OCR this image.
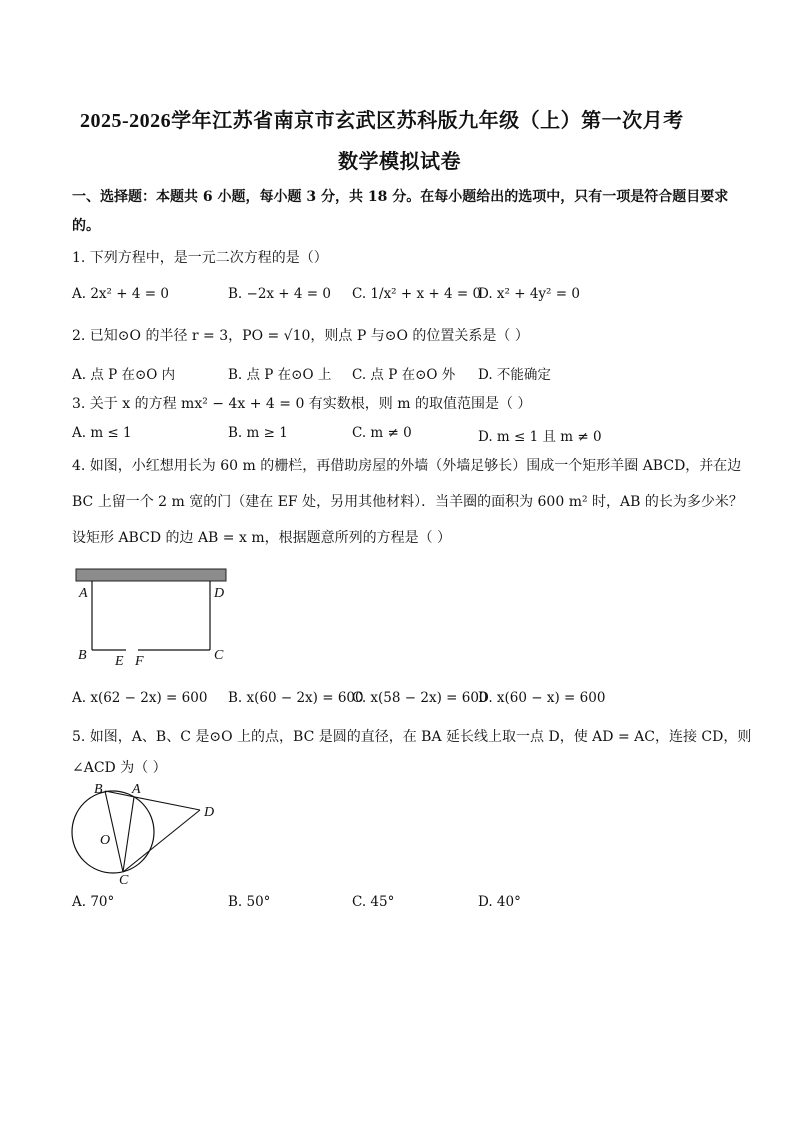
2025-2026学年江苏省南京市玄武区苏科版九年级（上）第一次月考
数学模拟试卷
一、选择题：本题共 6 小题，每小题 3 分，共 18 分。在每小题给出的选项中，只有一项是符合题目要求
的。
1. 下列方程中，是一元二次方程的是（）
A. 2x² + 4 = 0	B. −2x + 4 = 0 C. 1/x² + x + 4 = 0
D. x² + 4y² = 0
2. 已知⊙O 的半径 r = 3，PO = √10，则点 P 与⊙O 的位置关系是（ ）
A. 点 P 在⊙O 内	B. 点 P 在⊙O 上 C. 点 P 在⊙O 外 D. 不能确定
3. 关于 x 的方程 mx² − 4x + 4 = 0 有实数根，则 m 的取值范围是（ ）
A. m ≤ 1	B. m ≥ 1	C. m ≠ 0	D. m ≤ 1 且 m ≠ 0
4. 如图，小红想用长为 60 m 的栅栏，再借助房屋的外墙（外墙足够长）围成一个矩形羊圈 ABCD，并在边
BC 上留一个 2 m 宽的门（建在 EF 处，另用其他材料）．当羊圈的面积为 600 m² 时，AB 的长为多少米？
设矩形 ABCD 的边 AB = x m，根据题意所列的方程是（ ）
A	D
B	C
E F
A. x(62 − 2x) = 600 B. x(60 − 2x) = 600
C. x(58 − 2x) = 600
D. x(60 − x) = 600
5. 如图，A、B、C 是⊙O 上的点，BC 是圆的直径，在 BA 延长线上取一点 D，使 AD = AC，连接 CD，则
∠ACD 为（ ）
B A
D
O
C
A. 70°	B. 50°	C. 45°	D. 40°
